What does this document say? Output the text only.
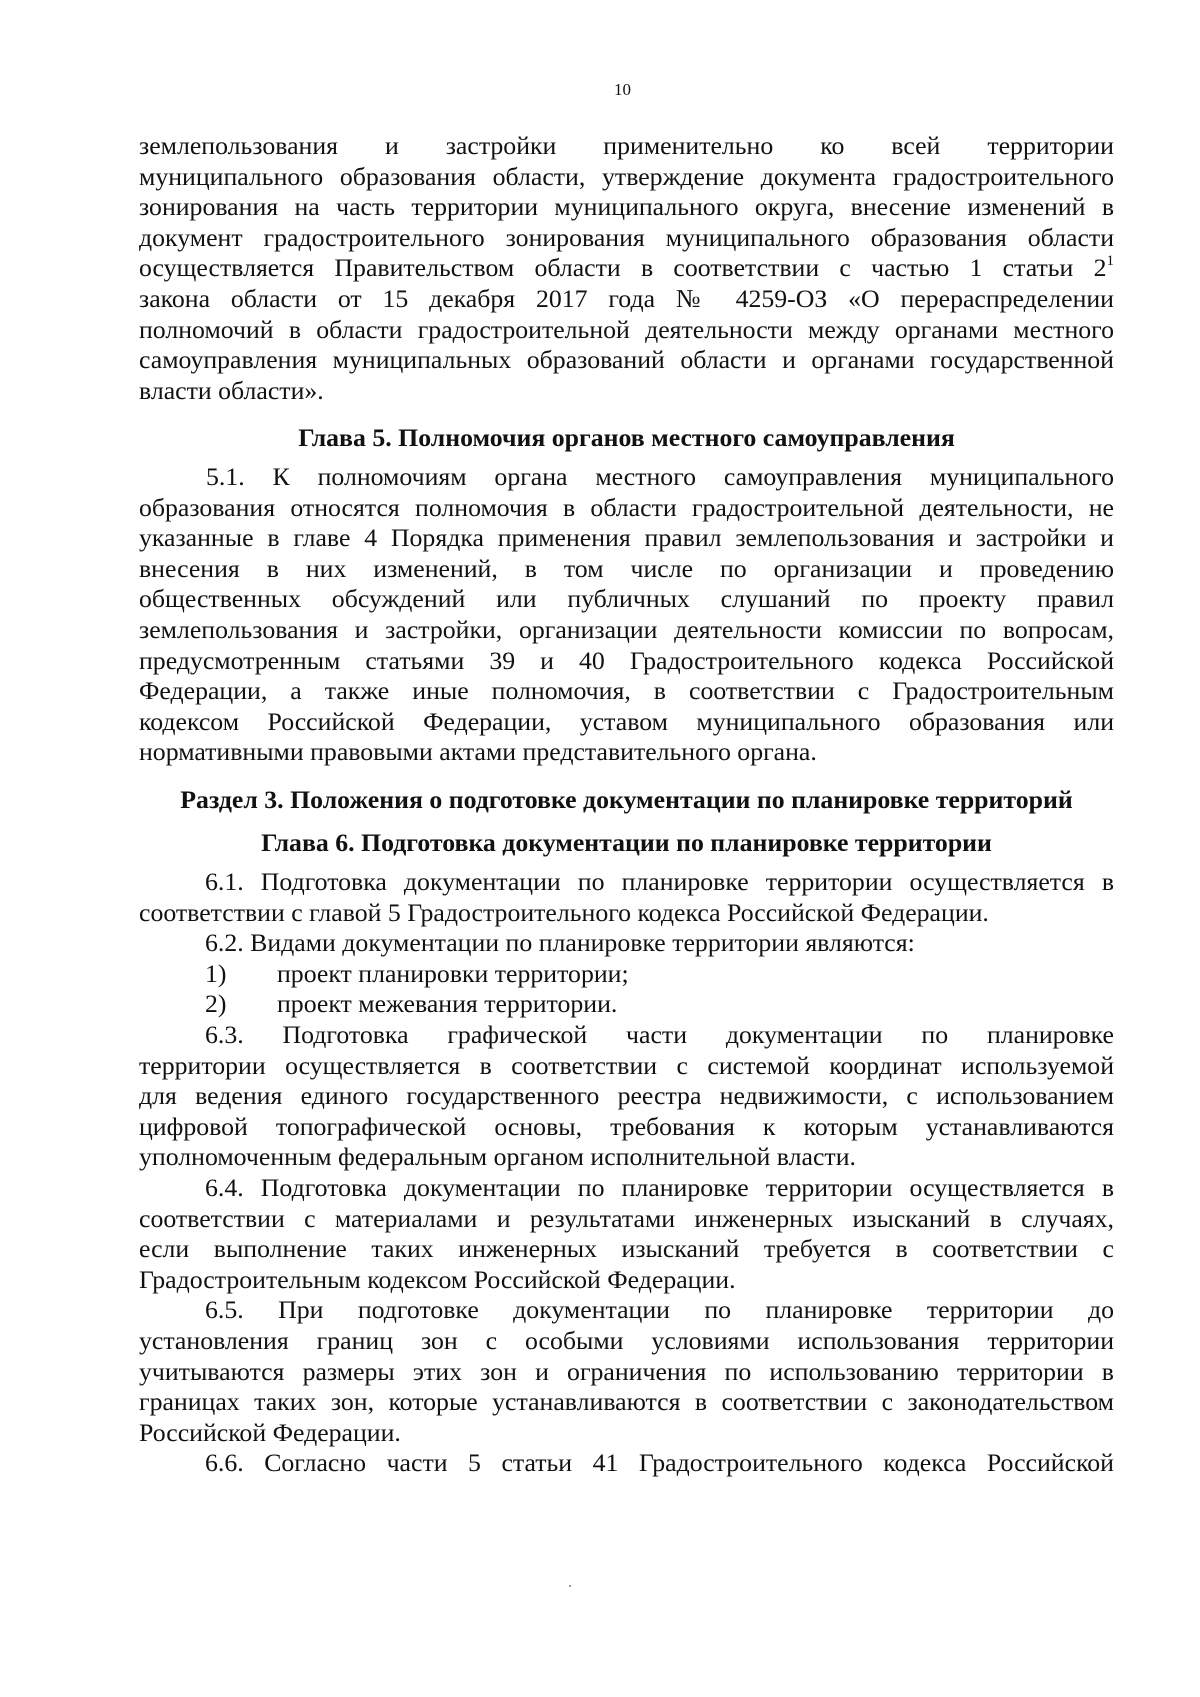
10
землепользования и застройки применительно ко всей территории
муниципального образования области, утверждение документа градостроительного
зонирования на часть территории муниципального округа, внесение изменений в
документ градостроительного зонирования муниципального образования области
осуществляется Правительством области в соответствии с частью 1 статьи $2^1$
закона области от 15 декабря 2017 года № 4259-ОЗ «О перераспределении
полномочий в области градостроительной деятельности между органами местного
самоуправления муниципальных образований области и органами государственной
власти области».
Глава 5. Полномочия органов местного самоуправления
5.1. К полномочиям органа местного самоуправления муниципального
образования относятся полномочия в области градостроительной деятельности, не
указанные в главе 4 Порядка применения правил землепользования и застройки и
внесения в них изменений, в том числе по организации и проведению
общественных обсуждений или публичных слушаний по проекту правил
землепользования и застройки, организации деятельности комиссии по вопросам,
предусмотренным статьями 39 и 40 Градостроительного кодекса Российской
Федерации, а также иные полномочия, в соответствии с Градостроительным
кодексом Российской Федерации, уставом муниципального образования или
нормативными правовыми актами представительного органа.
Раздел 3. Положения о подготовке документации по планировке территорий
Глава 6. Подготовка документации по планировке территории
6.1. Подготовка документации по планировке территории осуществляется в
соответствии с главой 5 Градостроительного кодекса Российской Федерации.
6.2. Видами документации по планировке территории являются:
1) проект планировки территории;
2) проект межевания территории.
6.3. Подготовка графической части документации по планировке
территории осуществляется в соответствии с системой координат используемой
для ведения единого государственного реестра недвижимости, с использованием
цифровой топографической основы, требования к которым устанавливаются
уполномоченным федеральным органом исполнительной власти.
6.4. Подготовка документации по планировке территории осуществляется в
соответствии с материалами и результатами инженерных изысканий в случаях,
если выполнение таких инженерных изысканий требуется в соответствии с
Градостроительным кодексом Российской Федерации.
6.5. При подготовке документации по планировке территории до
установления границ зон с особыми условиями использования территории
учитываются размеры этих зон и ограничения по использованию территории в
границах таких зон, которые устанавливаются в соответствии с законодательством
Российской Федерации.
6.6. Согласно части 5 статьи 41 Градостроительного кодекса Российской
